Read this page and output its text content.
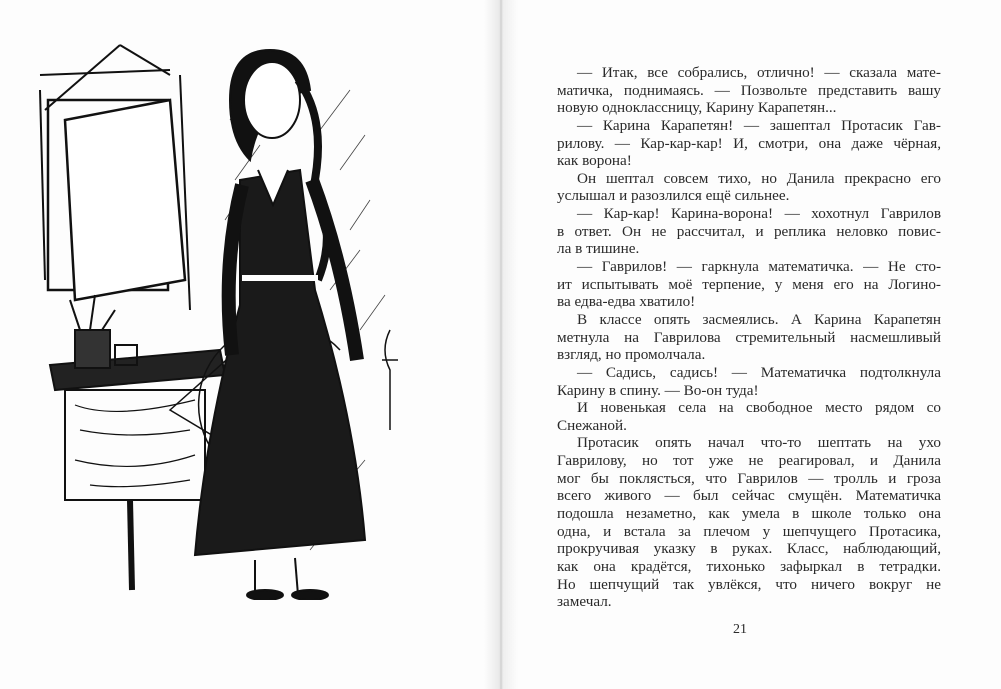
— Итак, все собрались, отлично! — сказала мате-
матичка, поднимаясь. — Позвольте представить вашу
новую одноклассницу, Карину Карапетян...
— Карина Карапетян! — зашептал Протасик Гав-
рилову. — Кар-кар-кар! И, смотри, она даже чёрная,
как ворона!
Он шептал совсем тихо, но Данила прекрасно его
услышал и разозлился ещё сильнее.
— Кар-кар! Карина-ворона! — хохотнул Гаврилов
в ответ. Он не рассчитал, и реплика неловко повис-
ла в тишине.
— Гаврилов! — гаркнула математичка. — Не сто-
ит испытывать моё терпение, у меня его на Логино-
ва едва-едва хватило!
В классе опять засмеялись. А Карина Карапетян
метнула на Гаврилова стремительный насмешливый
взгляд, но промолчала.
— Садись, садись! — Математичка подтолкнула
Карину в спину. — Во-он туда!
И новенькая села на свободное место рядом со
Снежаной.
Протасик опять начал что-то шептать на ухо
Гаврилову, но тот уже не реагировал, и Данила
мог бы поклясться, что Гаврилов — тролль и гроза
всего живого — был сейчас смущён. Математичка
подошла незаметно, как умела в школе только она
одна, и встала за плечом у шепчущего Протасика,
прокручивая указку в руках. Класс, наблюдающий,
как она крадётся, тихонько зафыркал в тетрадки.
Но шепчущий так увлёкся, что ничего вокруг не
замечал.
21
